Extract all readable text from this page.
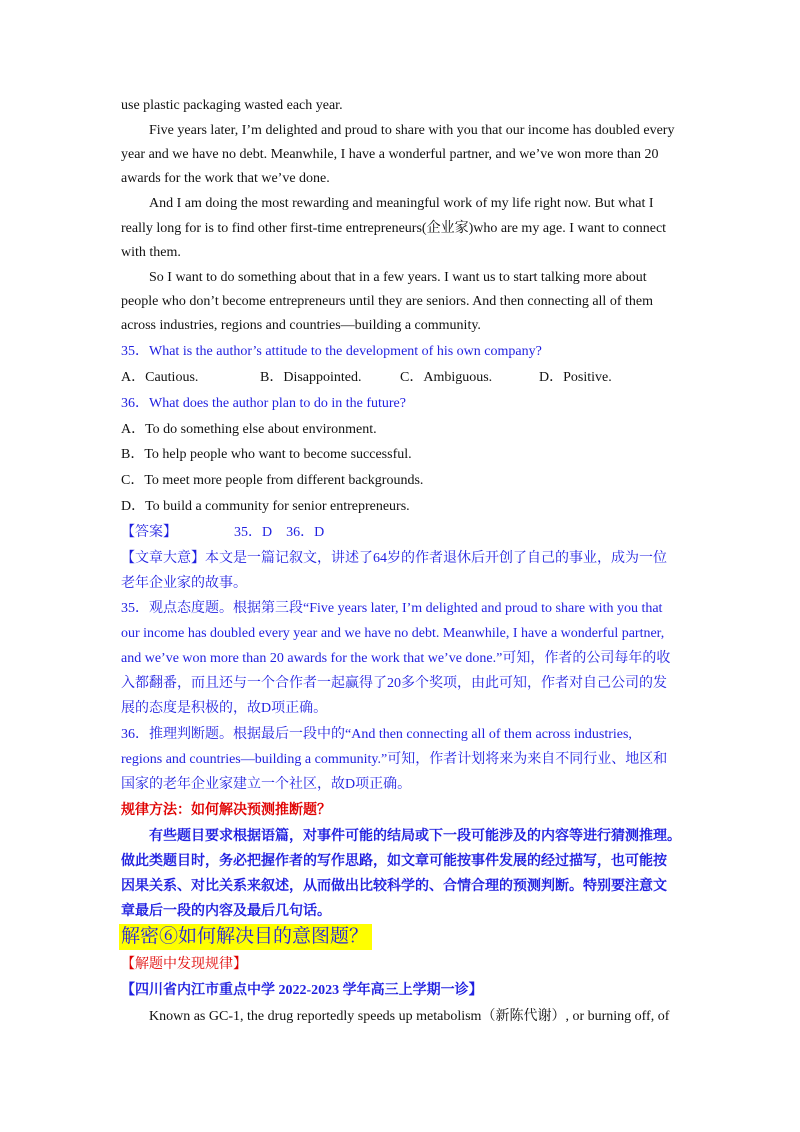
use plastic packaging wasted each year.
Five years later, I’m delighted and proud to share with you that our income has doubled every
year and we have no debt. Meanwhile, I have a wonderful partner, and we’ve won more than 20
awards for the work that we’ve done.
And I am doing the most rewarding and meaningful work of my life right now. But what I
really long for is to find other first-time entrepreneurs(企业家)who are my age. I want to connect
with them.
So I want to do something about that in a few years. I want us to start talking more about
people who don’t become entrepreneurs until they are seniors. And then connecting all of them
across industries, regions and countries—building a community.
35．What is the author’s attitude to the development of his own company?
A．Cautious.	B．Disappointed.	C．Ambiguous.	D．Positive.
36．What does the author plan to do in the future?
A．To do something else about environment.
B．To help people who want to become successful.
C．To meet more people from different backgrounds.
D．To build a community for senior entrepreneurs.
【答案】	35．D　36．D
【文章大意】本文是一篇记叙文，讲述了64岁的作者退休后开创了自己的事业，成为一位
老年企业家的故事。
35．观点态度题。根据第三段“Five years later, I’m delighted and proud to share with you that
our income has doubled every year and we have no debt. Meanwhile, I have a wonderful partner,
and we’ve won more than 20 awards for the work that we’ve done.”可知，作者的公司每年的收
入都翻番，而且还与一个合作者一起赢得了20多个奖项，由此可知，作者对自己公司的发
展的态度是积极的，故D项正确。
36．推理判断题。根据最后一段中的“And then connecting all of them across industries,
regions and countries—building a community.”可知，作者计划将来为来自不同行业、地区和
国家的老年企业家建立一个社区，故D项正确。
规律方法：如何解决预测推断题？
有些题目要求根据语篇，对事件可能的结局或下一段可能涉及的内容等进行猜测推理。
做此类题目时，务必把握作者的写作思路，如文章可能按事件发展的经过描写，也可能按
因果关系、对比关系来叙述，从而做出比较科学的、合情合理的预测判断。特别要注意文
章最后一段的内容及最后几句话。
解密⑥如何解决目的意图题？
【解题中发现规律】
【四川省内江市重点中学 2022-2023 学年高三上学期一诊】
Known as GC-1, the drug reportedly speeds up metabolism（新陈代谢）, or burning off, of
